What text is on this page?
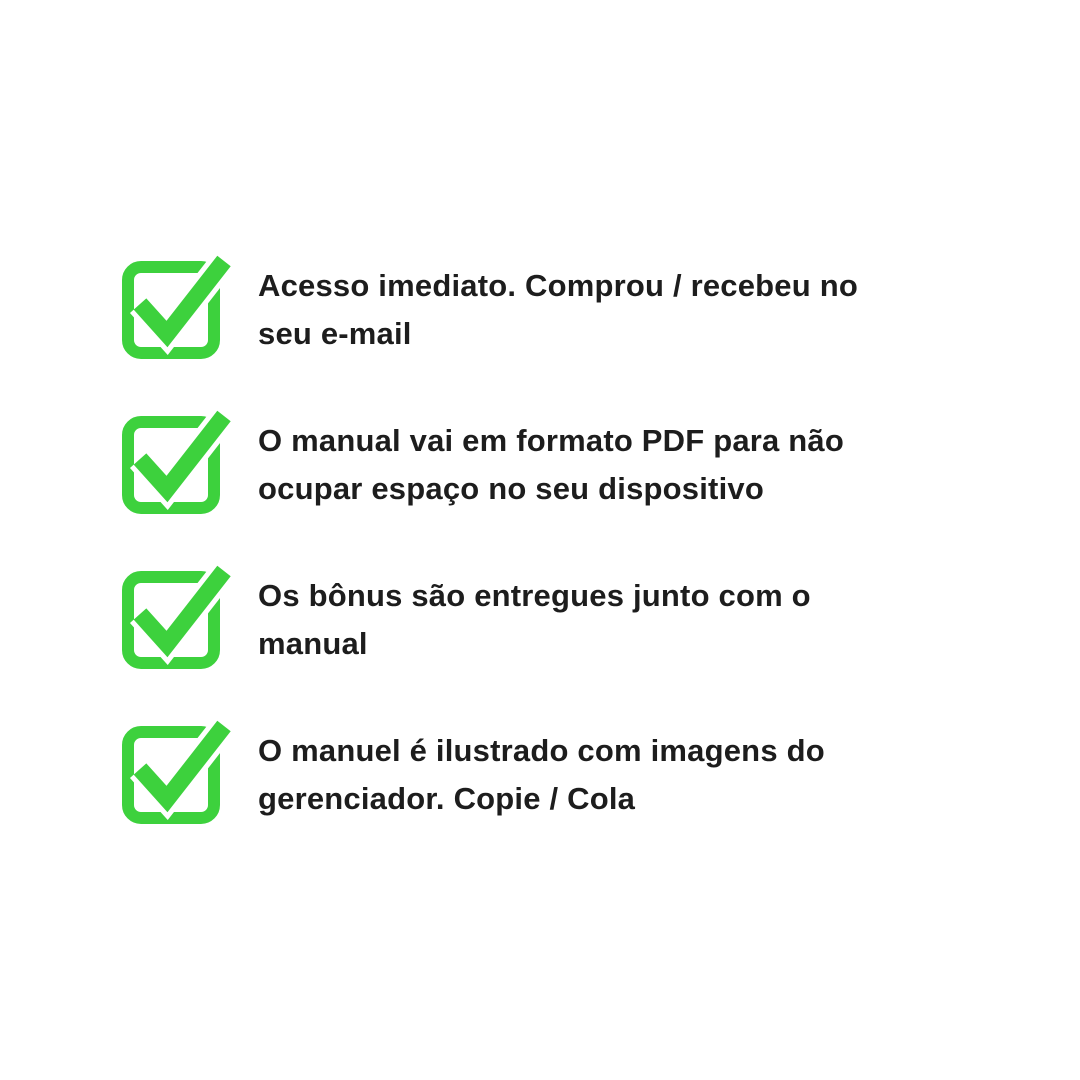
Acesso imediato. Comprou / recebeu no
seu e-mail
O manual vai em formato PDF para não
ocupar espaço no seu dispositivo
Os bônus são entregues junto com o
manual
O manuel é ilustrado com imagens do
gerenciador. Copie / Cola
